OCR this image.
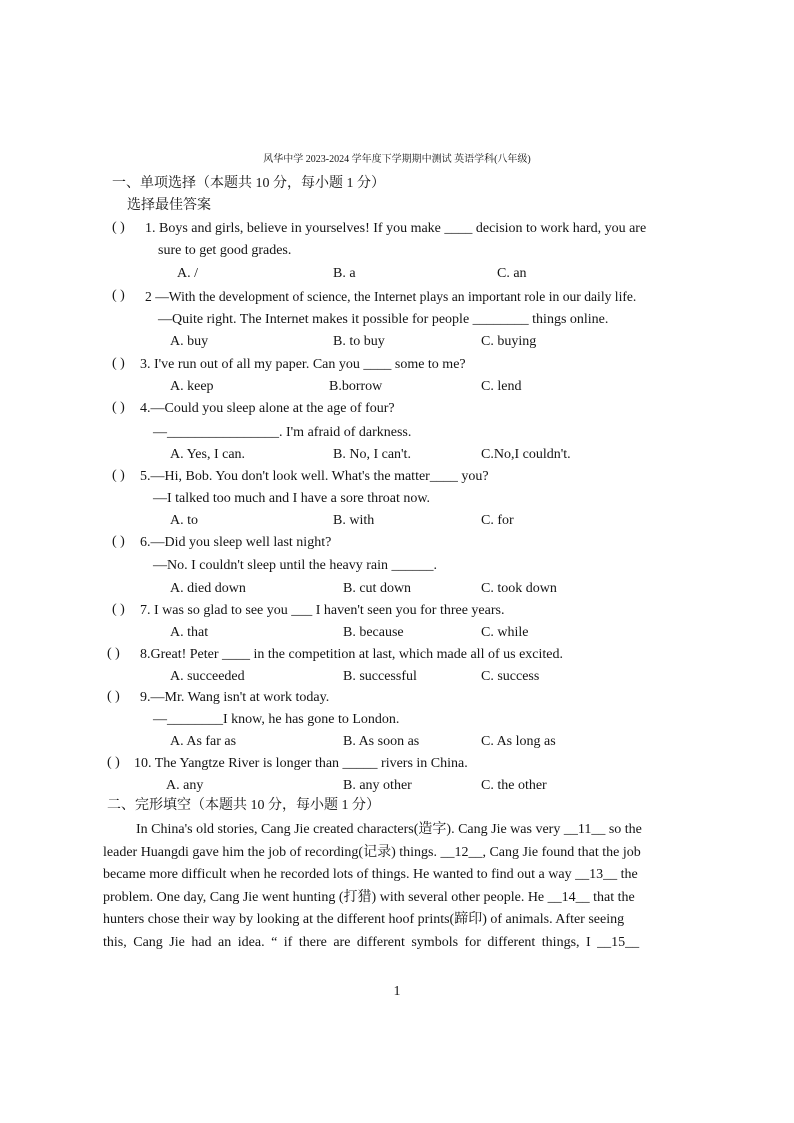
风华中学 2023-2024 学年度下学期期中测试 英语学科(八年级)
一、单项选择（本题共 10 分，每小题 1 分）
选择最佳答案
( ) 1. Boys and girls, believe in yourselves! If you make ____ decision to work hard, you are
sure to get good grades.
A. /	B. a	C. an
( ) 2 —With the development of science, the Internet plays an important role in our daily life.
—Quite right. The Internet makes it possible for people ________ things online.
A. buy	B. to buy	C. buying
( ) 3. I've run out of all my paper. Can you ____ some to me?
A. keep	B.borrow	C. lend
( ) 4.—Could you sleep alone at the age of four?
—________________. I'm afraid of darkness.
A. Yes, I can.	B. No, I can't.	C.No,I couldn't.
( ) 5.—Hi, Bob. You don't look well. What's the matter____ you?
—I talked too much and I have a sore throat now.
A. to	B. with	C. for
( ) 6.—Did you sleep well last night?
—No. I couldn't sleep until the heavy rain ______.
A. died down	B. cut down	C. took down
( ) 7. I was so glad to see you ___ I haven't seen you for three years.
A. that	B. because	C. while
( ) 8.Great! Peter ____ in the competition at last, which made all of us excited.
A. succeeded	B. successful	C. success
( ) 9.—Mr. Wang isn't at work today.
—________I know, he has gone to London.
A. As far as	B. As soon as	C. As long as
( ) 10. The Yangtze River is longer than _____ rivers in China.
A. any	B. any other	C. the other
二、完形填空（本题共 10 分，每小题 1 分）
In China's old stories, Cang Jie created characters(造字). Cang Jie was very __11__ so the
leader Huangdi gave him the job of recording(记录) things. __12__, Cang Jie found that the job
became more difficult when he recorded lots of things. He wanted to find out a way __13__ the
problem. One day, Cang Jie went hunting (打猎) with several other people. He __14__ that the
hunters chose their way by looking at the different hoof prints(蹄印) of animals. After seeing
this, Cang Jie had an idea. “ if there are different symbols for different things, I __15__
1
